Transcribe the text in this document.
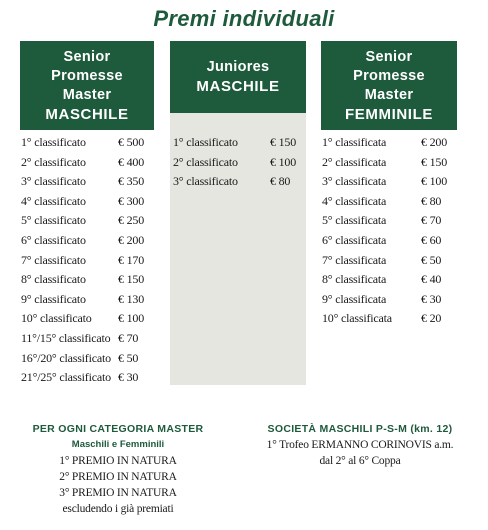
Premi individuali
Senior
Promesse
Master
MASCHILE
1° classificato	€ 500
2° classificato	€ 400
3° classificato	€ 350
4° classificato	€ 300
5° classificato	€ 250
6° classificato	€ 200
7° classificato	€ 170
8° classificato	€ 150
9° classificato	€ 130
10° classificato € 100
11°/15° classificato € 70
16°/20° classificato € 50
21°/25° classificato € 30
Juniores
MASCHILE
1° classificato	€ 150
2° classificato	€ 100
3° classificato	€ 80
Senior
Promesse
Master
FEMMINILE
1° classificata	€ 200
2° classificata	€ 150
3° classificata	€ 100
4° classificata	€ 80
5° classificata	€ 70
6° classificata	€ 60
7° classificata	€ 50
8° classificata	€ 40
9° classificata	€ 30
10° classificata € 20
PER OGNI CATEGORIA MASTER
Maschili e Femminili
1° PREMIO IN NATURA
2° PREMIO IN NATURA
3° PREMIO IN NATURA
escludendo i già premiati
SOCIETÀ MASCHILI P-S-M (km. 12)
1° Trofeo ERMANNO CORINOVIS a.m.
dal 2° al 6° Coppa
